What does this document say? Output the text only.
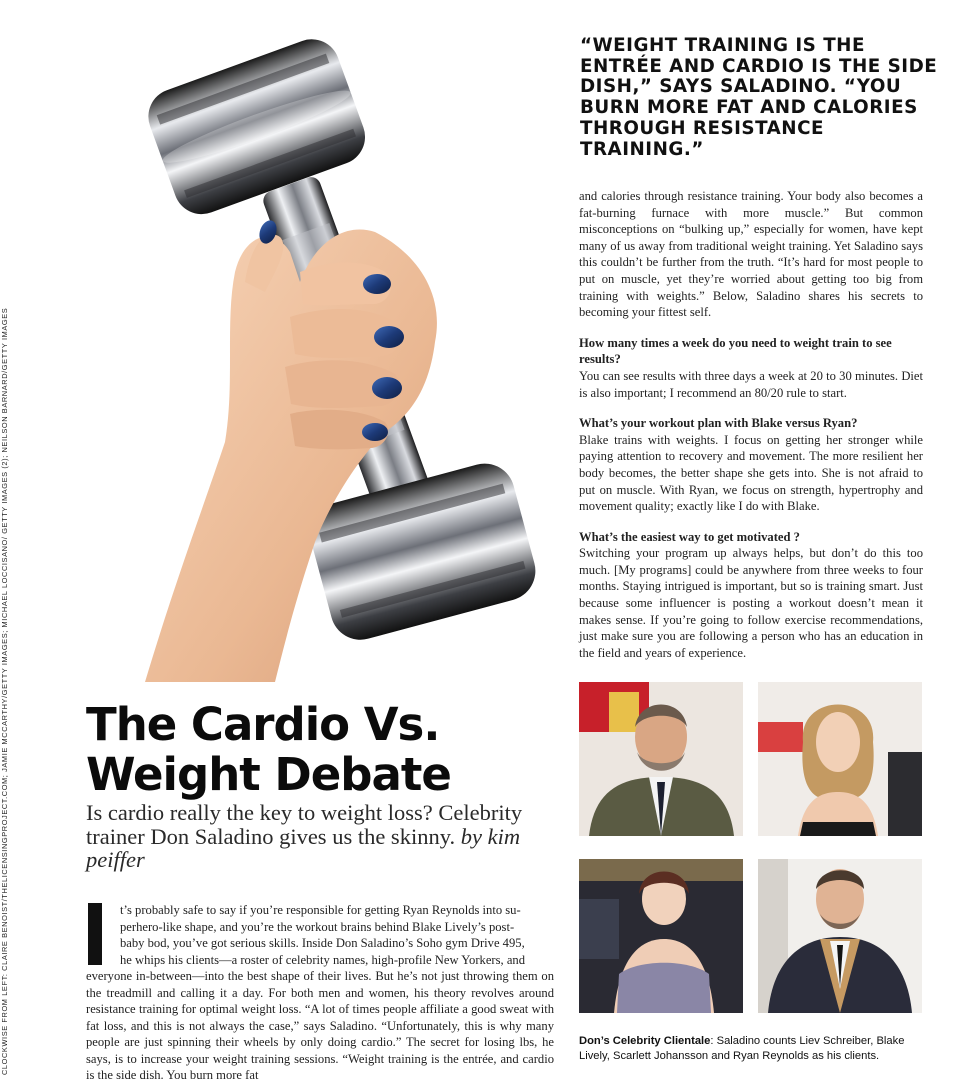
CLOCKWISE FROM LEFT: CLAIRE BENOIST/THELICENSINGPROJECT.COM; JAMIE MCCARTHY/GETTY IMAGES; MICHAEL LOCCISANO/ GETTY IMAGES (2); NEILSON BARNARD/GETTY IMAGES
“WEIGHT TRAINING IS THE ENTRÉE AND CARDIO IS THE SIDE DISH,” SAYS SALADINO. “YOU BURN MORE FAT AND CALORIES THROUGH RESISTANCE TRAINING.”

and calories through resistance training. Your body also becomes a fat-burning furnace with more muscle.” But common misconceptions on “bulking up,” especially for women, have kept many of us away from traditional weight training. Yet Saladino says this couldn’t be further from the truth. “It’s hard for most people to put on muscle, yet they’re worried about getting too big from training with weights.” Below, Saladino shares his secrets to becoming your fittest self.

How many times a week do you need to weight train to see results?

You can see results with three days a week at 20 to 30 minutes. Diet is also important; I recommend an 80/20 rule to start.

What’s your workout plan with Blake versus Ryan?

Blake trains with weights. I focus on getting her stronger while paying attention to recovery and movement. The more resilient her body becomes, the better shape she gets into. She is not afraid to put on muscle. With Ryan, we focus on strength, hypertrophy and movement quality; exactly like I do with Blake.

What’s the easiest way to get motivated ?

Switching your program up always helps, but don’t do this too much. [My programs] could be anywhere from three weeks to four months. Staying intrigued is important, but so is training smart. Just because some influencer is posting a workout doesn’t mean it makes sense. If you’re going to follow exercise recommendations, just make sure you are following a person who has an education in the field and years of experience.

Don’s Celebrity Clientale: Saladino counts Liev Schreiber, Blake Lively, Scarlett Johansson and Ryan Reynolds as his clients.
The Cardio Vs. Weight Debate
Is cardio really the key to weight loss? Celebrity trainer Don Saladino gives us the skinny. by kim peiffer

t’s probably safe to say if you’re responsible for getting Ryan Reynolds into su-

perhero-like shape, and you’re the workout brains behind Blake Lively’s post-

baby bod, you’ve got serious skills. Inside Don Saladino’s Soho gym Drive 495,

he whips his clients—a roster of celebrity names, high-profile New Yorkers, and

everyone in-between—into the best shape of their lives. But he’s not just throwing them on the treadmill and calling it a day. For both men and women, his theory revolves around resistance training for optimal weight loss. “A lot of times people affiliate a good sweat with fat loss, and this is not always the case,” says Saladino. “Unfortunately, this is why many people are just spinning their wheels by only doing cardio.” The secret for losing lbs, he says, is to increase your weight training sessions. “Weight training is the entrée, and cardio is the side dish. You burn more fat
